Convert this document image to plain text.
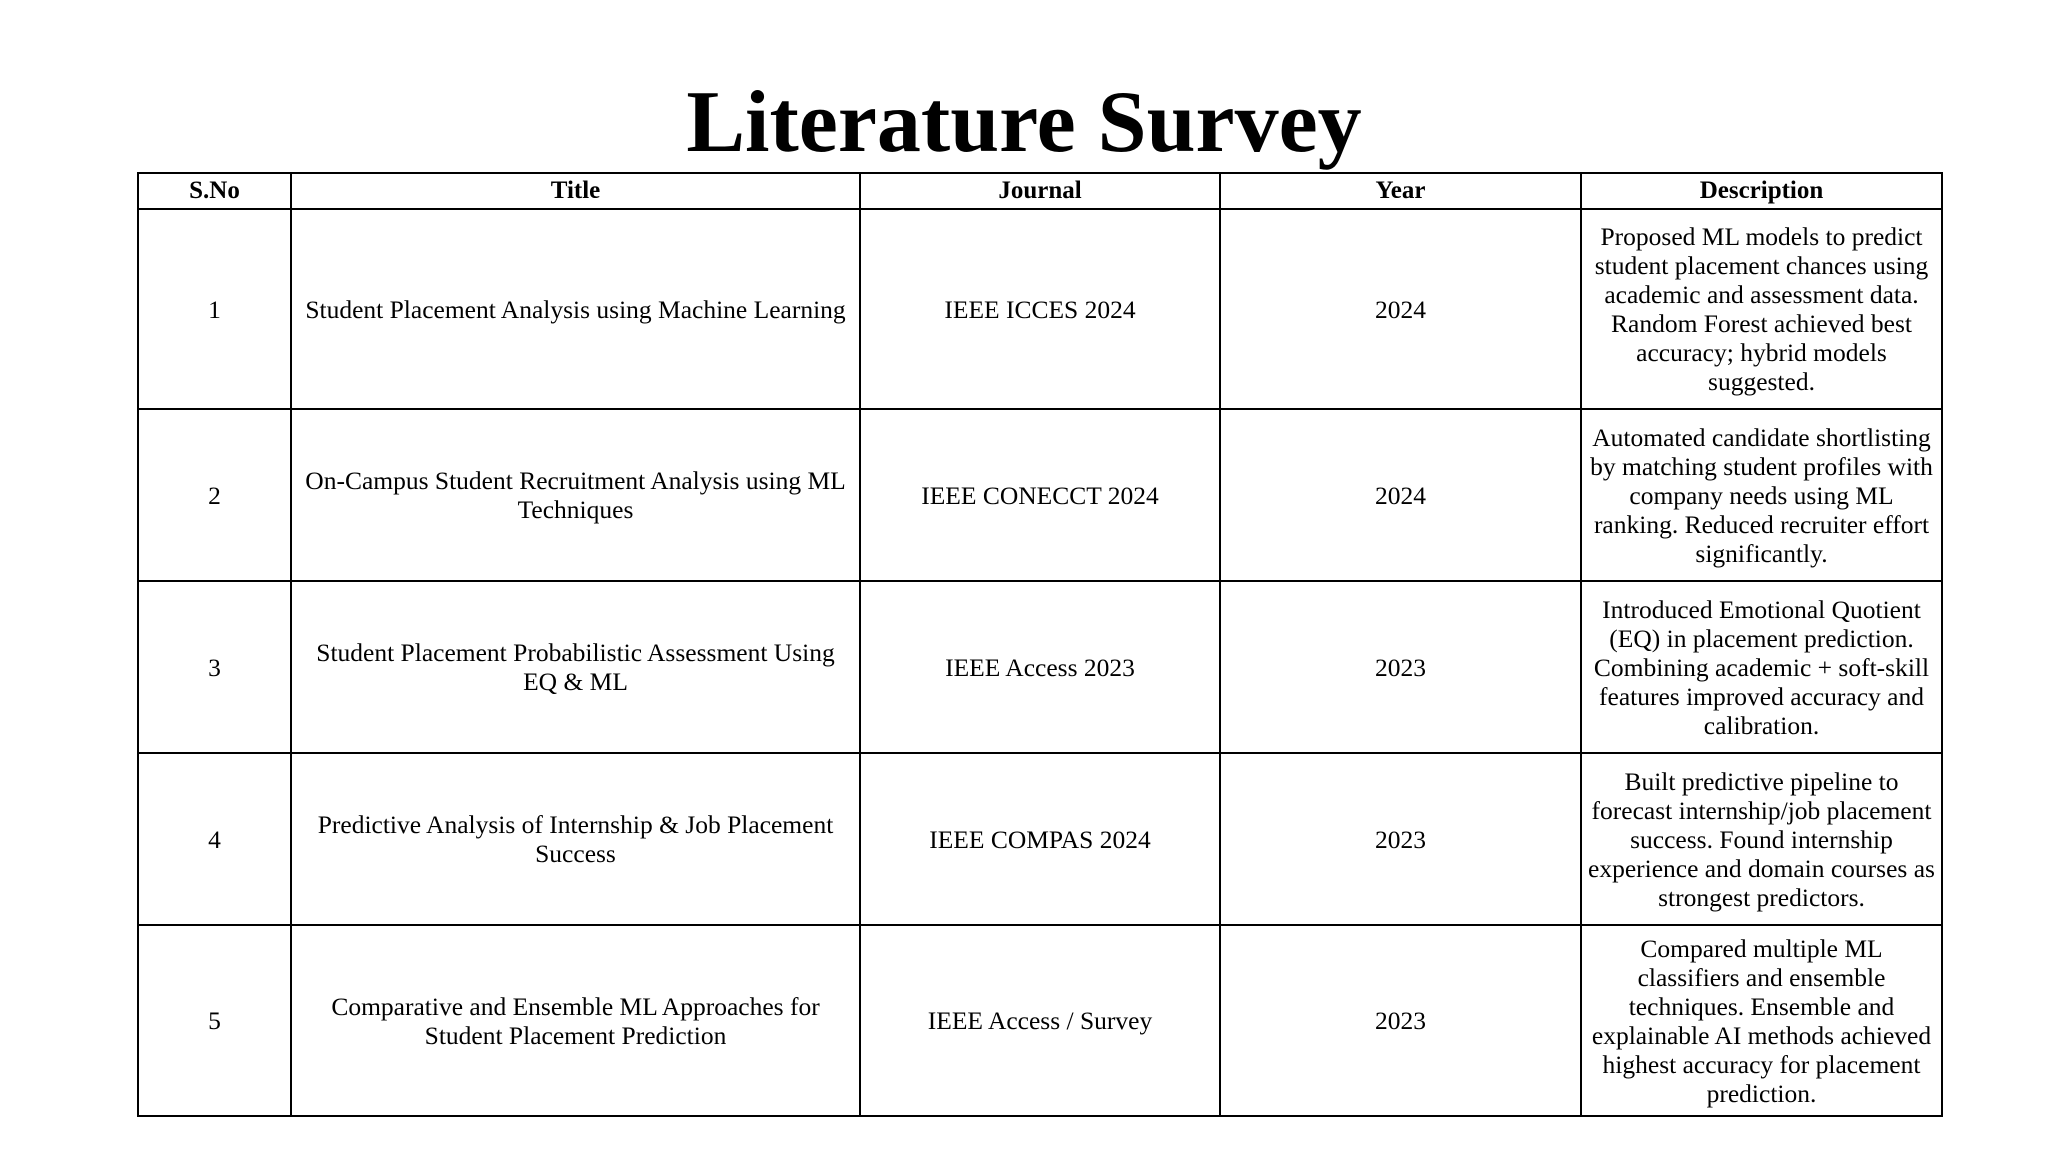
Literature Survey
S.No	Title	Journal	Year	Description
1	Student Placement Analysis using Machine Learning	IEEE ICCES 2024	2024	Proposed ML models to predict student placement chances using academic and assessment data. Random Forest achieved best accuracy; hybrid models suggested.
2	On-Campus Student Recruitment Analysis using ML Techniques	IEEE CONECCT 2024	2024	Automated candidate shortlisting by matching student profiles with company needs using ML ranking. Reduced recruiter effort significantly.
3	Student Placement Probabilistic Assessment Using EQ & ML	IEEE Access 2023	2023	Introduced Emotional Quotient (EQ) in placement prediction. Combining academic + soft-skill features improved accuracy and calibration.
4	Predictive Analysis of Internship & Job Placement Success	IEEE COMPAS 2024	2023	Built predictive pipeline to forecast internship/job placement success. Found internship experience and domain courses as strongest predictors.
5	Comparative and Ensemble ML Approaches for Student Placement Prediction	IEEE Access / Survey	2023	Compared multiple ML classifiers and ensemble techniques. Ensemble and explainable AI methods achieved highest accuracy for placement prediction.
